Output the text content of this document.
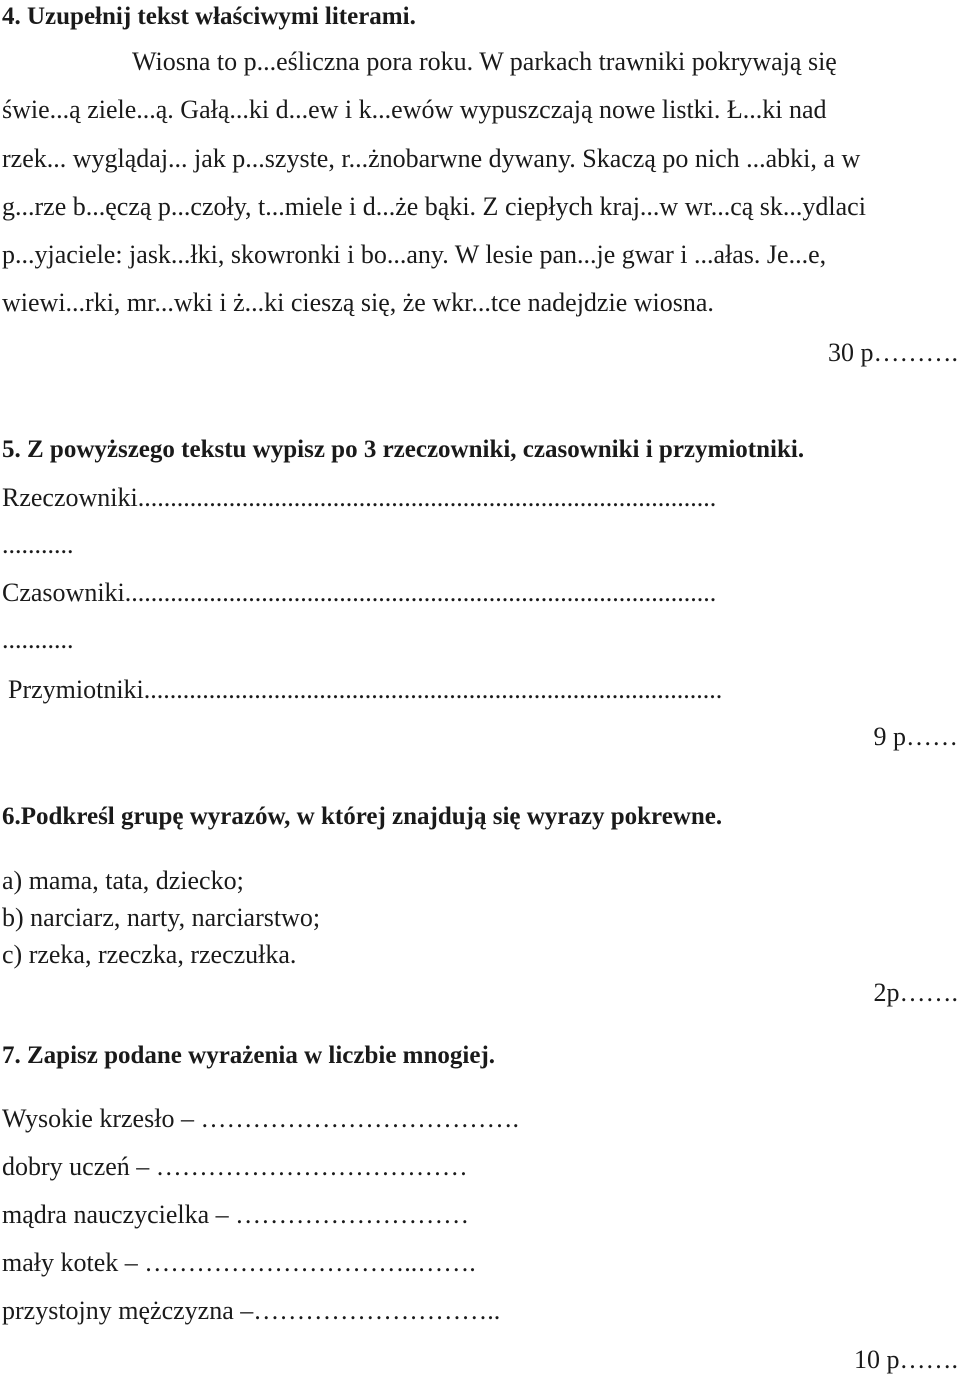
4. Uzupełnij tekst właściwymi literami.
Wiosna to p...eśliczna pora roku. W parkach trawniki pokrywają się
świe...ą ziele...ą. Gałą...ki d...ew i k...ewów wypuszczają nowe listki. Ł...ki nad
rzek... wyglądaj... jak p...szyste, r...żnobarwne dywany. Skaczą po nich ...abki, a w
g...rze b...ęczą p...czoły, t...miele i d...że bąki. Z ciepłych kraj...w wr...cą sk...ydlaci
p...yjaciele: jask...łki, skowronki i bo...any. W lesie pan...je gwar i ...ałas. Je...e,
wiewi...rki, mr...wki i ż...ki cieszą się, że wkr...tce nadejdzie wiosna.
30 p……….
5. Z powyższego tekstu wypisz po 3 rzeczowniki, czasowniki i przymiotniki.
Rzeczowniki.........................................................................................
...........
Czasowniki...........................................................................................
...........
Przymiotniki.........................................................................................
9 p……
6.Podkreśl grupę wyrazów, w której znajdują się wyrazy pokrewne.
a) mama, tata, dziecko;
b) narciarz, narty, narciarstwo;
c) rzeka, rzeczka, rzeczułka.
2p…….
7. Zapisz podane wyrażenia w liczbie mnogiej.
Wysokie krzesło – ……………………………….
dobry uczeń – ………………………………
mądra nauczycielka – ………………………
mały kotek – …………………………..…….
przystojny mężczyzna –………………………..
10 p…….
